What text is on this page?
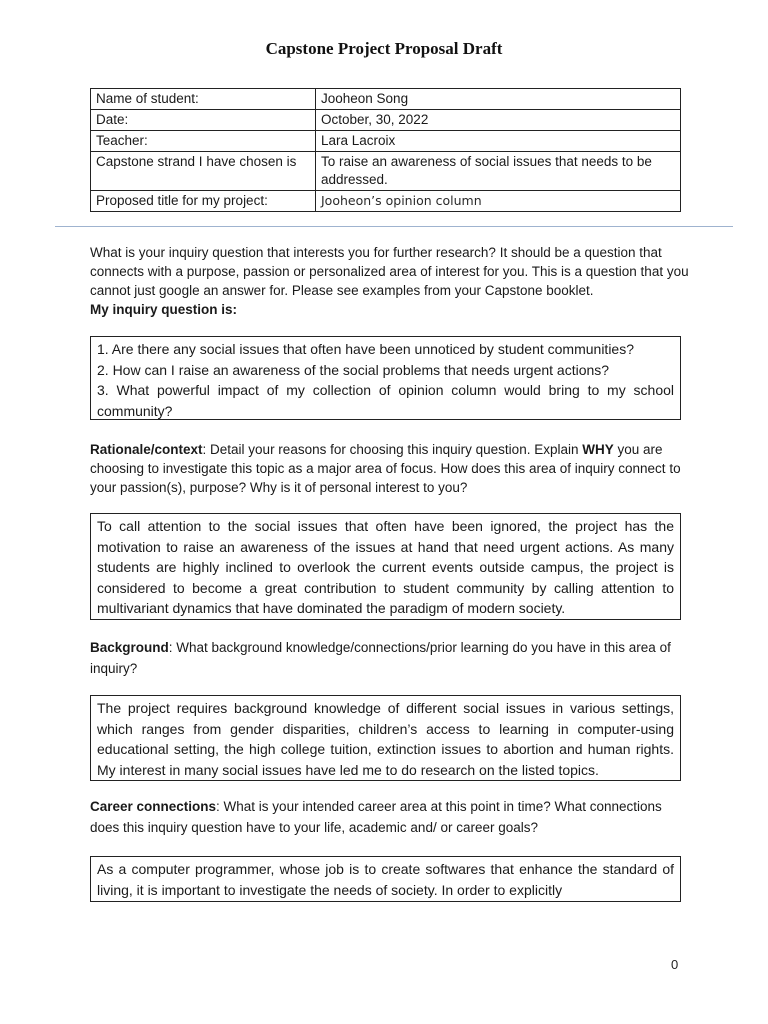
Capstone Project Proposal Draft
Name of student:	Jooheon Song
Date:	October, 30, 2022
Teacher:	Lara Lacroix
Capstone strand I have chosen is	To raise an awareness of social issues that needs to be addressed.
Proposed title for my project:	Jooheon’s opinion column
What is your inquiry question that interests you for further research? It should be a question that connects with a purpose, passion or personalized area of interest for you. This is a question that you cannot just google an answer for. Please see examples from your Capstone booklet.
My inquiry question is:
1. Are there any social issues that often have been unnoticed by student communities?
2. How can I raise an awareness of the social problems that needs urgent actions?
3. What powerful impact of my collection of opinion column would bring to my school community?
Rationale/context: Detail your reasons for choosing this inquiry question. Explain WHY you are choosing to investigate this topic as a major area of focus. How does this area of inquiry connect to your passion(s), purpose? Why is it of personal interest to you?
To call attention to the social issues that often have been ignored, the project has the motivation to raise an awareness of the issues at hand that need urgent actions. As many students are highly inclined to overlook the current events outside campus, the project is considered to become a great contribution to student community by calling attention to multivariant dynamics that have dominated the paradigm of modern society.
Background: What background knowledge/connections/prior learning do you have in this area of inquiry?
The project requires background knowledge of different social issues in various settings, which ranges from gender disparities, children’s access to learning in computer-using educational setting, the high college tuition, extinction issues to abortion and human rights. My interest in many social issues have led me to do research on the listed topics.
Career connections: What is your intended career area at this point in time? What connections does this inquiry question have to your life, academic and/ or career goals?
As a computer programmer, whose job is to create softwares that enhance the standard of living, it is important to investigate the needs of society. In order to explicitly
0
